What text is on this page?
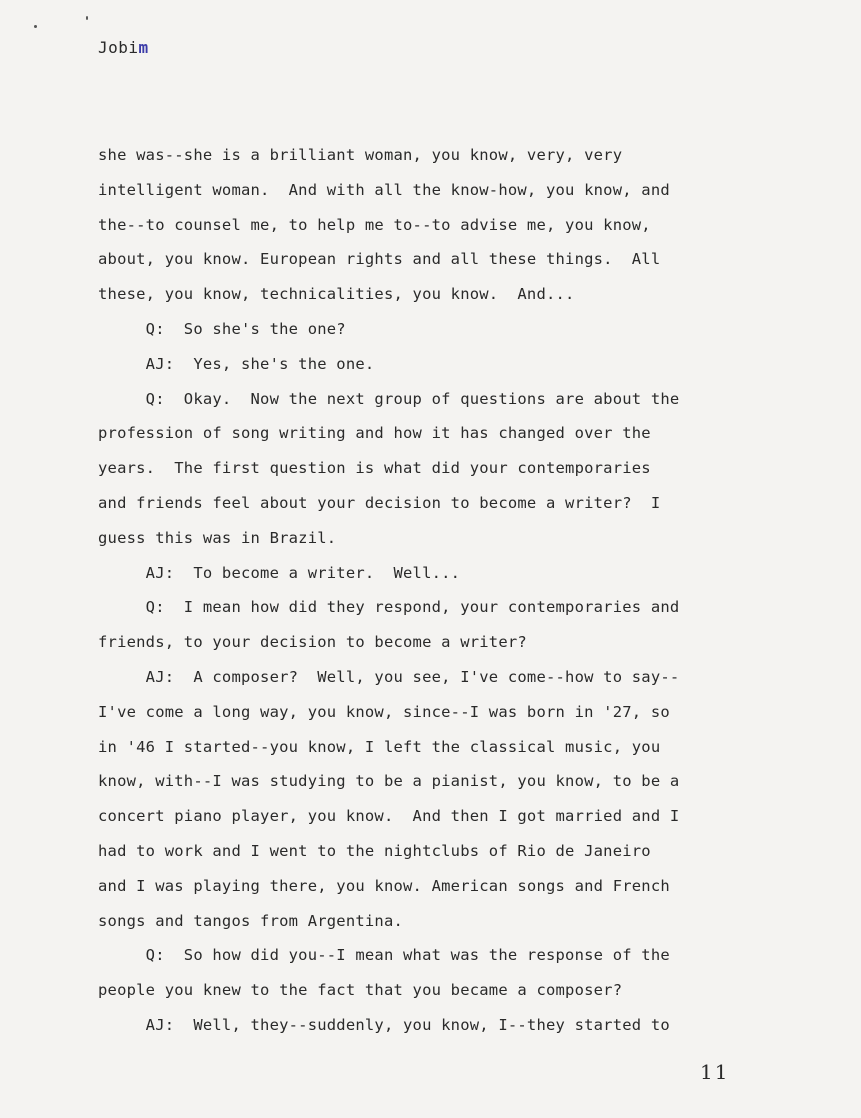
Jobim
she was--she is a brilliant woman, you know, very, very
intelligent woman.  And with all the know-how, you know, and
the--to counsel me, to help me to--to advise me, you know,
about, you know. European rights and all these things.  All
these, you know, technicalities, you know.  And...
Q:  So she's the one?
AJ:  Yes, she's the one.
Q:  Okay.  Now the next group of questions are about the
profession of song writing and how it has changed over the
years.  The first question is what did your contemporaries
and friends feel about your decision to become a writer?  I
guess this was in Brazil.
AJ:  To become a writer.  Well...
Q:  I mean how did they respond, your contemporaries and
friends, to your decision to become a writer?
AJ:  A composer?  Well, you see, I've come--how to say--
I've come a long way, you know, since--I was born in '27, so
in '46 I started--you know, I left the classical music, you
know, with--I was studying to be a pianist, you know, to be a
concert piano player, you know.  And then I got married and I
had to work and I went to the nightclubs of Rio de Janeiro
and I was playing there, you know. American songs and French
songs and tangos from Argentina.
Q:  So how did you--I mean what was the response of the
people you knew to the fact that you became a composer?
AJ:  Well, they--suddenly, you know, I--they started to
11
